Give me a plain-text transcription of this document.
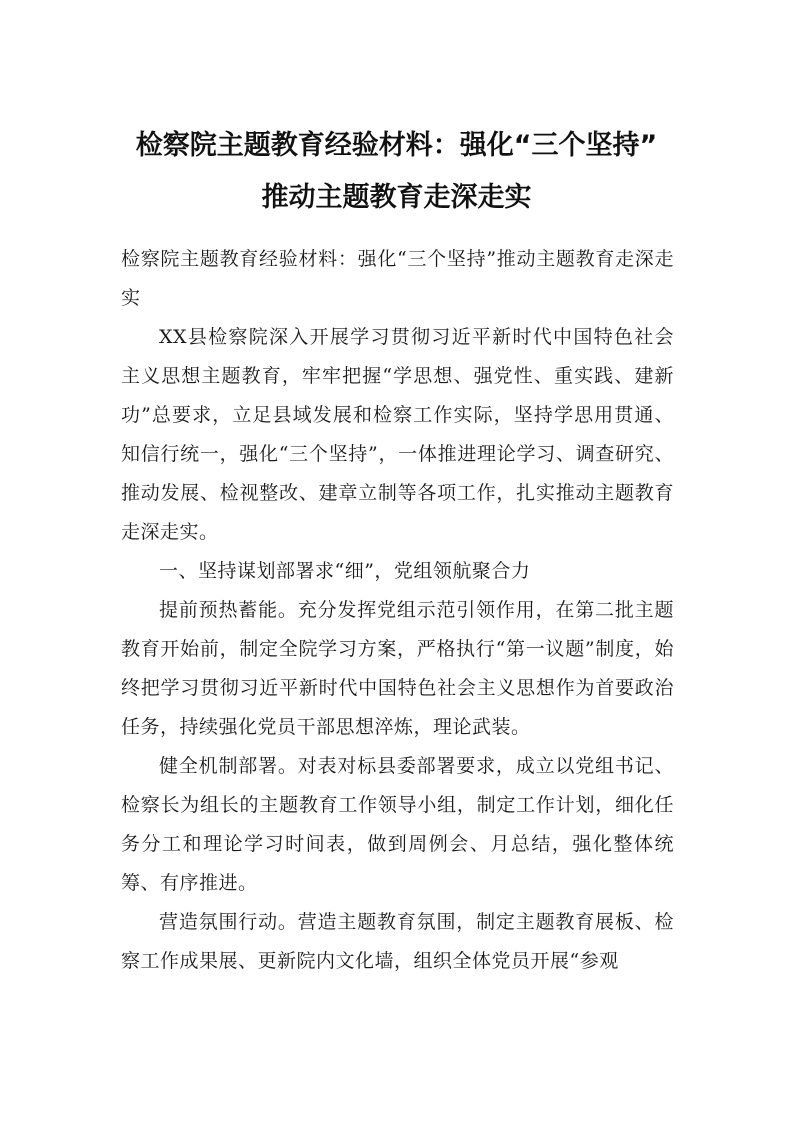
检察院主题教育经验材料：强化“三个坚持”
推动主题教育走深走实

检察院主题教育经验材料：强化“三个坚持”推动主题教育走深走实

XX县检察院深入开展学习贯彻习近平新时代中国特色社会主义思想主题教育，牢牢把握“学思想、强党性、重实践、建新功”总要求，立足县域发展和检察工作实际，坚持学思用贯通、知信行统一，强化“三个坚持”，一体推进理论学习、调查研究、推动发展、检视整改、建章立制等各项工作，扎实推动主题教育走深走实。

一、坚持谋划部署求“细”，党组领航聚合力

提前预热蓄能。充分发挥党组示范引领作用，在第二批主题教育开始前，制定全院学习方案，严格执行“第一议题”制度，始终把学习贯彻习近平新时代中国特色社会主义思想作为首要政治任务，持续强化党员干部思想淬炼，理论武装。

健全机制部署。对表对标县委部署要求，成立以党组书记、检察长为组长的主题教育工作领导小组，制定工作计划，细化任务分工和理论学习时间表，做到周例会、月总结，强化整体统筹、有序推进。

营造氛围行动。营造主题教育氛围，制定主题教育展板、检察工作成果展、更新院内文化墙，组织全体党员开展“参观
